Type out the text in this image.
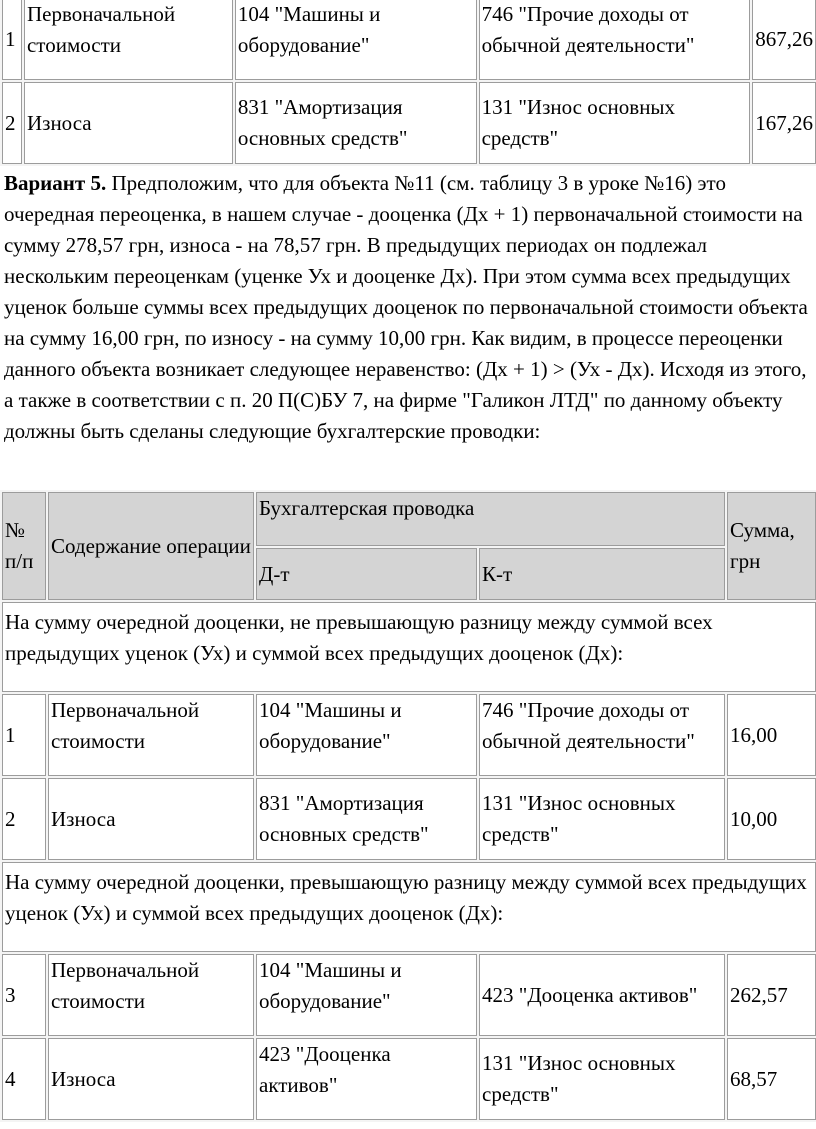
1	Первоначальной стоимости	104 "Машины и оборудование"	746 "Прочие доходы от обычной деятельности"	867,26
2	Износа	831 "Амортизация основных средств"	131 "Износ основных средств"	167,26

Вариант 5. Предположим, что для объекта №11 (см. таблицу 3 в уроке №16) это очередная переоценка, в нашем случае - дооценка (Дх + 1) первоначальной стоимости на сумму 278,57 грн, износа - на 78,57 грн. В предыдущих периодах он подлежал нескольким переоценкам (уценке Ух и дооценке Дх). При этом сумма всех предыдущих уценок больше суммы всех предыдущих дооценок по первоначальной стоимости объекта на сумму 16,00 грн, по износу - на сумму 10,00 грн. Как видим, в процессе переоценки данного объекта возникает следующее неравенство: (Дх + 1) > (Ух - Дх). Исходя из этого, а также в соответствии с п. 20 П(С)БУ 7, на фирме "Галикон ЛТД" по данному объекту должны быть сделаны следующие бухгалтерские проводки:

№ п/п	Содержание операции	Бухгалтерская проводка		Сумма, грн
		Д-т	К-т	
На сумму очередной дооценки, не превышающую разницу между суммой всех предыдущих уценок (Ух) и суммой всех предыдущих дооценок (Дх):				
1	Первоначальной стоимости	104 "Машины и оборудование"	746 "Прочие доходы от обычной деятельности"	16,00
2	Износа	831 "Амортизация основных средств"	131 "Износ основных средств"	10,00
На сумму очередной дооценки, превышающую разницу между суммой всех предыдущих уценок (Ух) и суммой всех предыдущих дооценок (Дх):				
3	Первоначальной стоимости	104 "Машины и оборудование"	423 "Дооценка активов"	262,57
4	Износа	423 "Дооценка активов"	131 "Износ основных средств"	68,57
